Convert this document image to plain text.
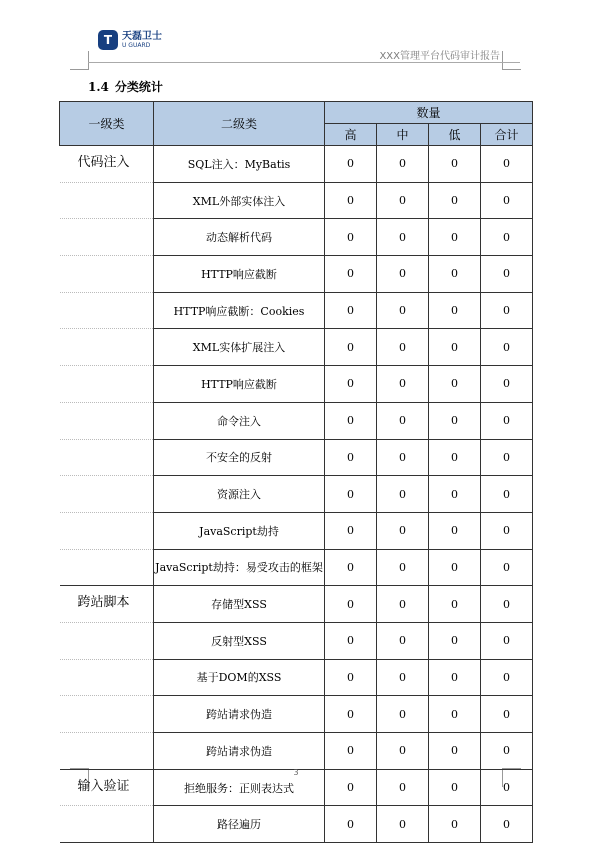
T 天磊卫士
U GUARD
XXX管理平台代码审计报告
1.4 分类统计
一级类	二级类	数量			
		高	中	低	合计
代码注入	SQL注入：MyBatis	0	0	0	0
	XML外部实体注入	0	0	0	0
	动态解析代码	0	0	0	0
	HTTP响应截断	0	0	0	0
	HTTP响应截断：Cookies	0	0	0	0
	XML实体扩展注入	0	0	0	0
	HTTP响应截断	0	0	0	0
	命令注入	0	0	0	0
	不安全的反射	0	0	0	0
	资源注入	0	0	0	0
	JavaScript劫持	0	0	0	0
	JavaScript劫持：易受攻击的框架	0	0	0	0
跨站脚本	存储型XSS	0	0	0	0
	反射型XSS	0	0	0	0
	基于DOM的XSS	0	0	0	0
	跨站请求伪造	0	0	0	0
	跨站请求伪造	0	0	0	0
输入验证	拒绝服务：正则表达式	0	0	0	0
	路径遍历	0	0	0	0
3
